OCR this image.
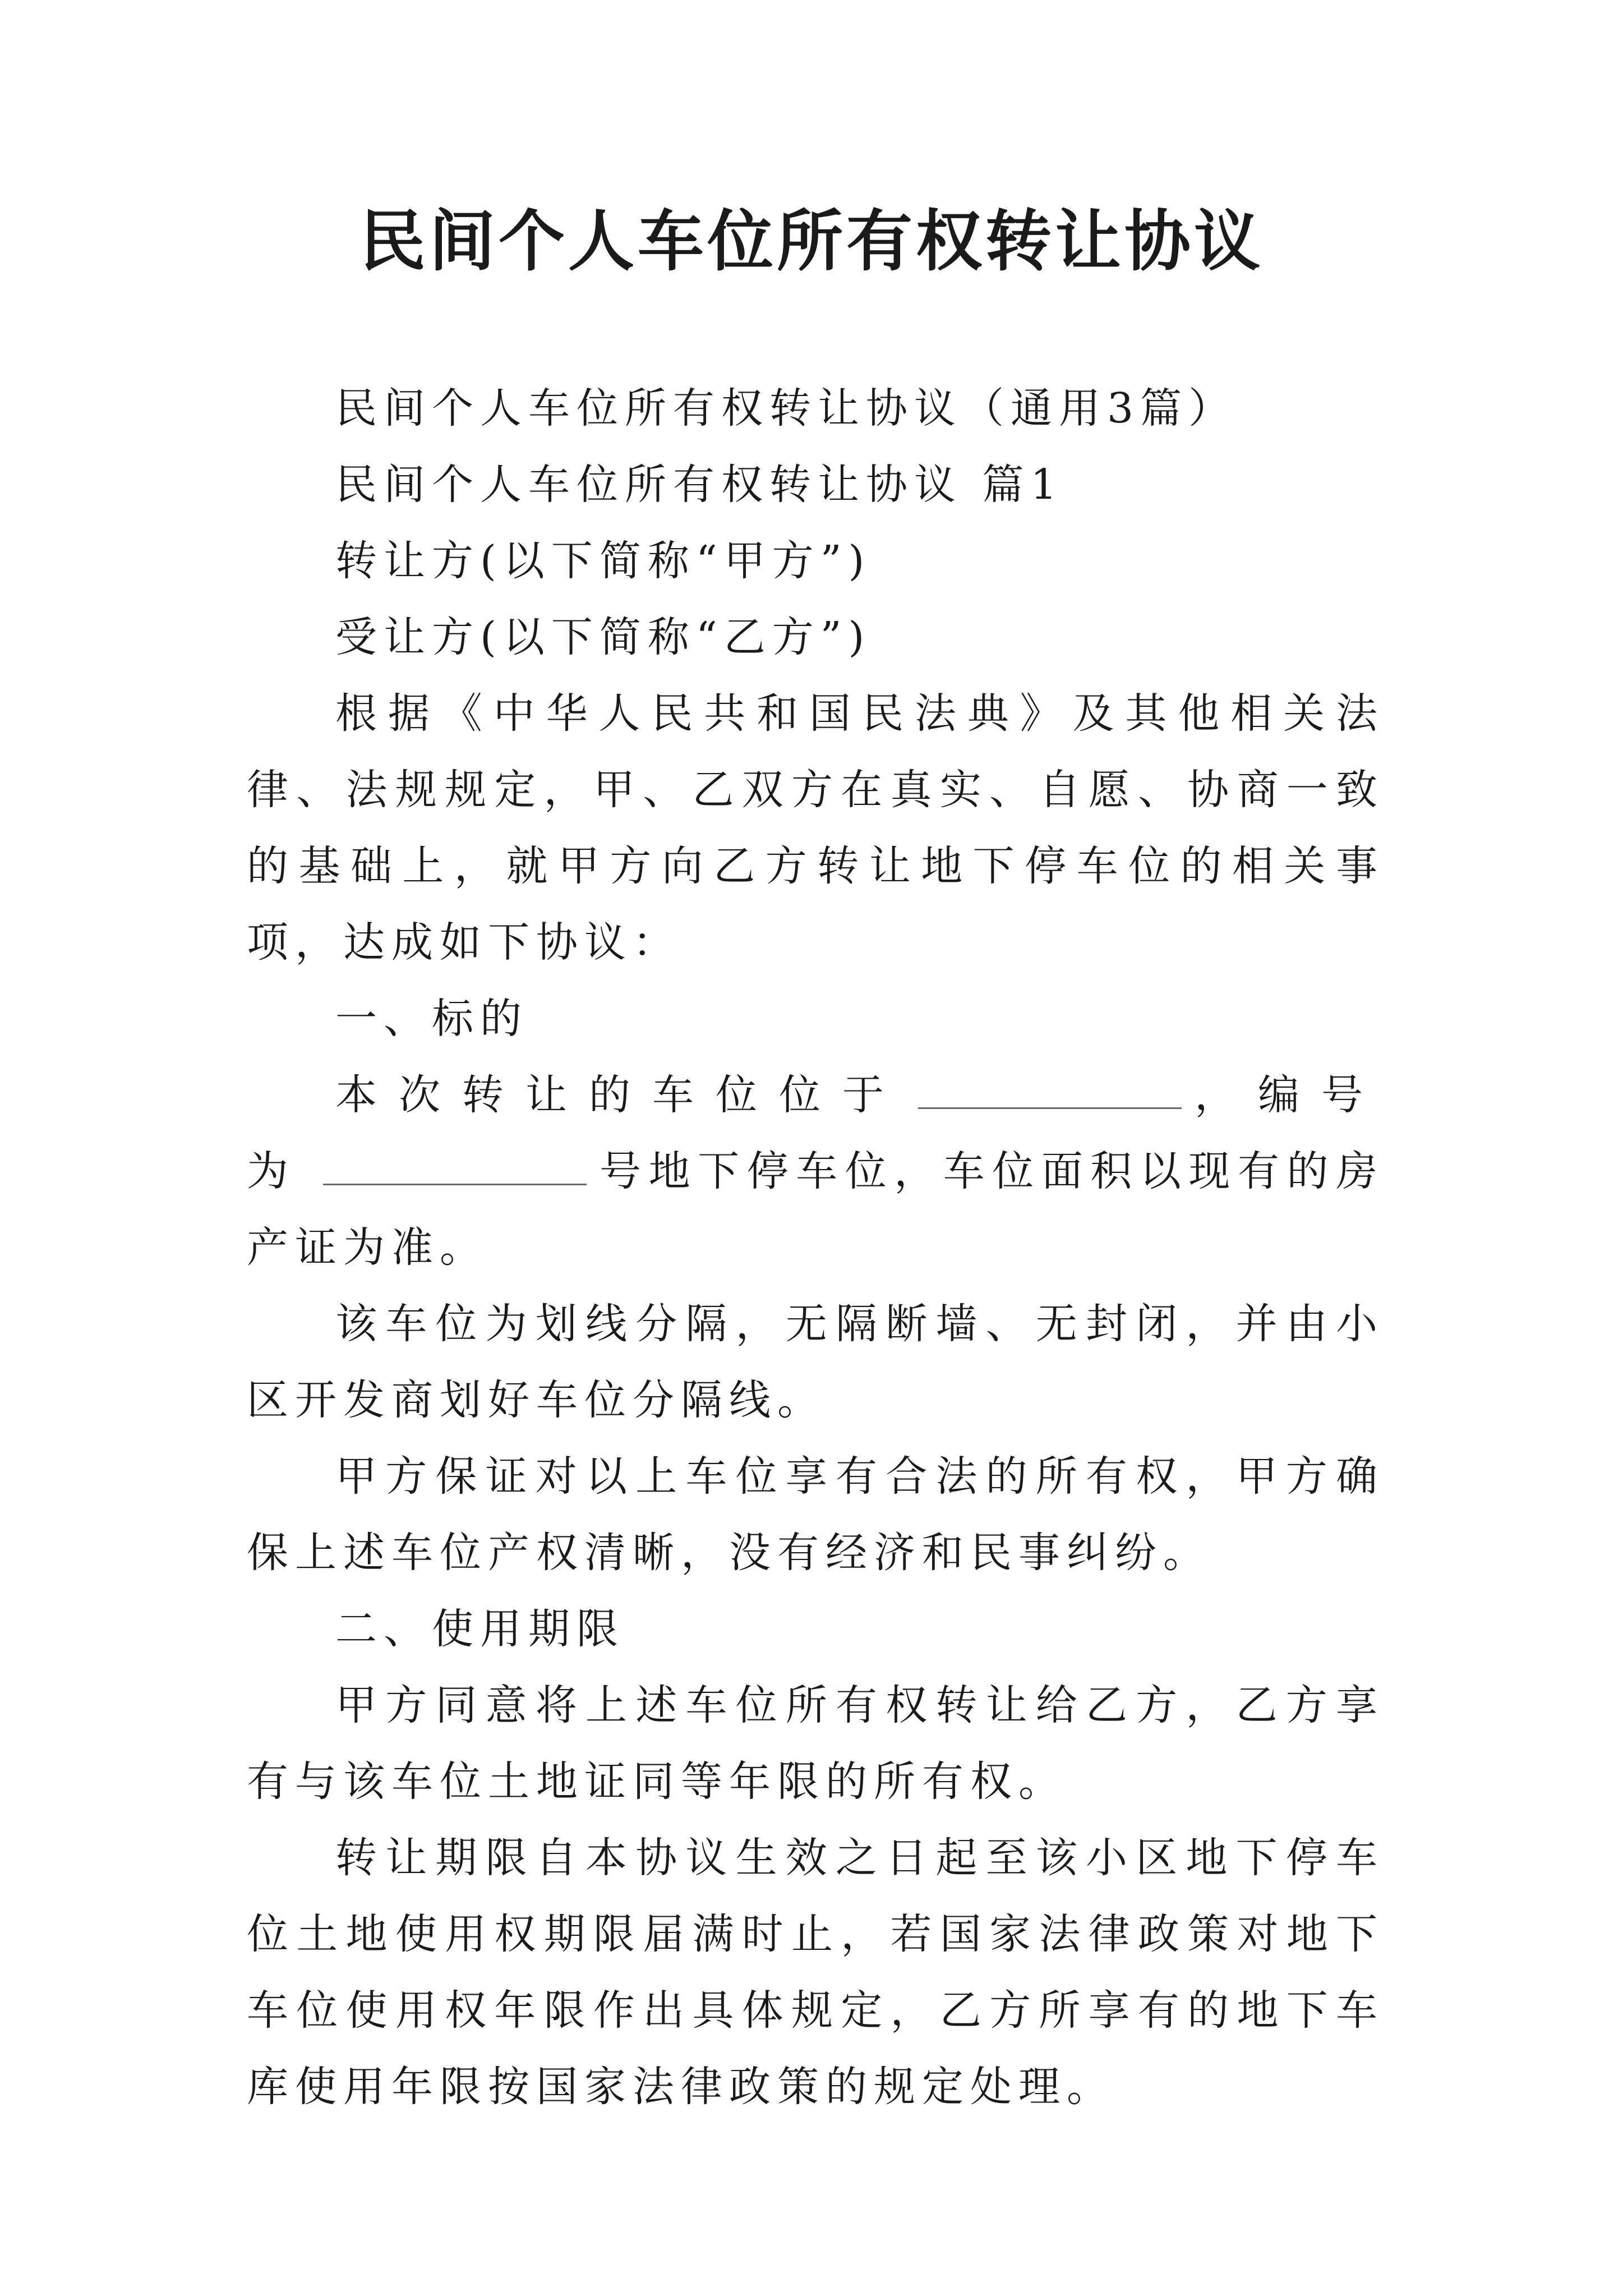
民间个人车位所有权转让协议

民间个人车位所有权转让协议（通用3篇）

民间个人车位所有权转让协议 篇1

转让方(以下简称“甲方”)

受让方(以下简称“乙方”)

根据《中华人民共和国民法典》及其他相关法律、法规规定，甲、乙双方在真实、自愿、协商一致的基础上，就甲方向乙方转让地下停车位的相关事项，达成如下协议：

一、标的

本次转让的车位位于	，编号为	号地下停车位，车位面积以现有的房产证为准。

该车位为划线分隔，无隔断墙、无封闭，并由小区开发商划好车位分隔线。

甲方保证对以上车位享有合法的所有权，甲方确保上述车位产权清晰，没有经济和民事纠纷。

二、使用期限

甲方同意将上述车位所有权转让给乙方，乙方享有与该车位土地证同等年限的所有权。

转让期限自本协议生效之日起至该小区地下停车位土地使用权期限届满时止，若国家法律政策对地下车位使用权年限作出具体规定，乙方所享有的地下车库使用年限按国家法律政策的规定处理。
